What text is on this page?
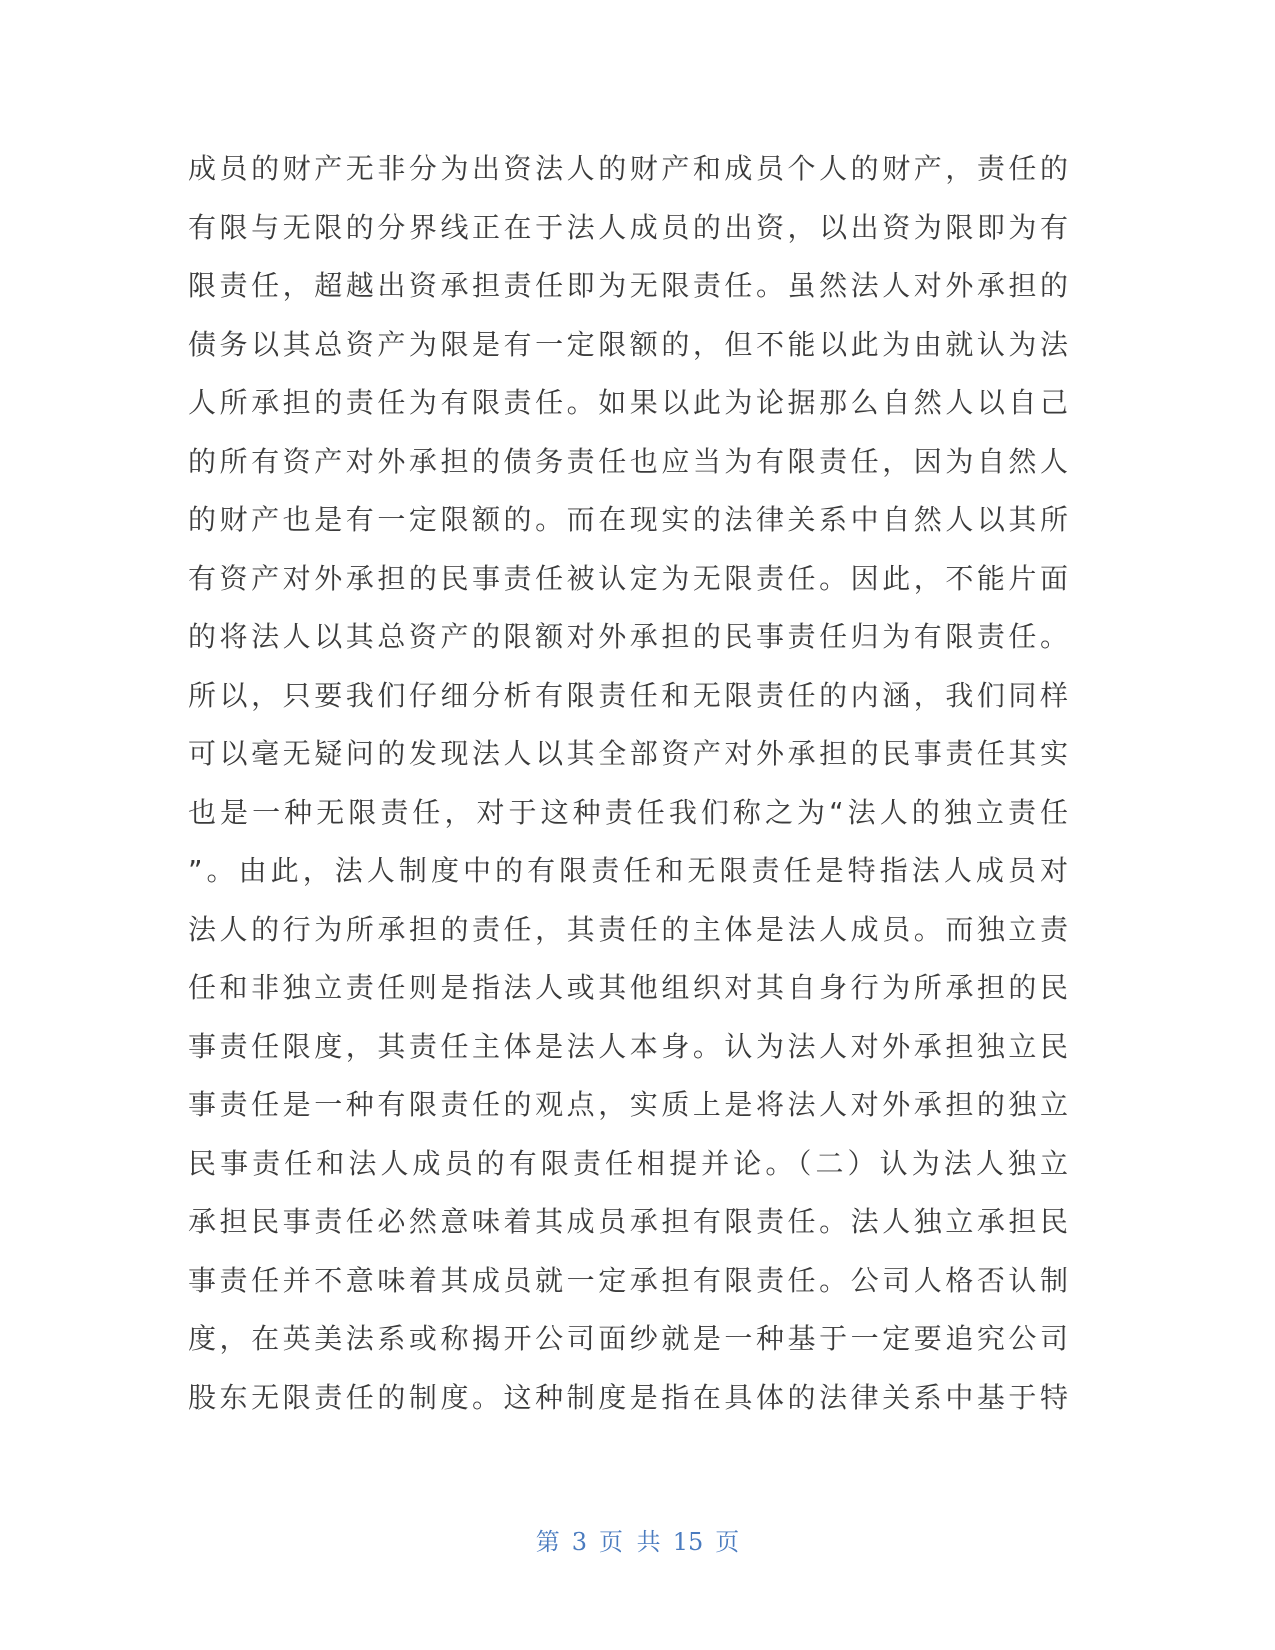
成员的财产无非分为出资法人的财产和成员个人的财产，责任的
有限与无限的分界线正在于法人成员的出资，以出资为限即为有
限责任，超越出资承担责任即为无限责任。虽然法人对外承担的
债务以其总资产为限是有一定限额的，但不能以此为由就认为法
人所承担的责任为有限责任。如果以此为论据那么自然人以自己
的所有资产对外承担的债务责任也应当为有限责任，因为自然人
的财产也是有一定限额的。而在现实的法律关系中自然人以其所
有资产对外承担的民事责任被认定为无限责任。因此，不能片面
的将法人以其总资产的限额对外承担的民事责任归为有限责任。
所以，只要我们仔细分析有限责任和无限责任的内涵，我们同样
可以毫无疑问的发现法人以其全部资产对外承担的民事责任其实
也是一种无限责任，对于这种责任我们称之为“法人的独立责任
”。由此，法人制度中的有限责任和无限责任是特指法人成员对
法人的行为所承担的责任，其责任的主体是法人成员。而独立责
任和非独立责任则是指法人或其他组织对其自身行为所承担的民
事责任限度，其责任主体是法人本身。认为法人对外承担独立民
事责任是一种有限责任的观点，实质上是将法人对外承担的独立
民事责任和法人成员的有限责任相提并论。（二）认为法人独立
承担民事责任必然意味着其成员承担有限责任。法人独立承担民
事责任并不意味着其成员就一定承担有限责任。公司人格否认制
度，在英美法系或称揭开公司面纱就是一种基于一定要追究公司
股东无限责任的制度。这种制度是指在具体的法律关系中基于特
第 3 页 共 15 页
